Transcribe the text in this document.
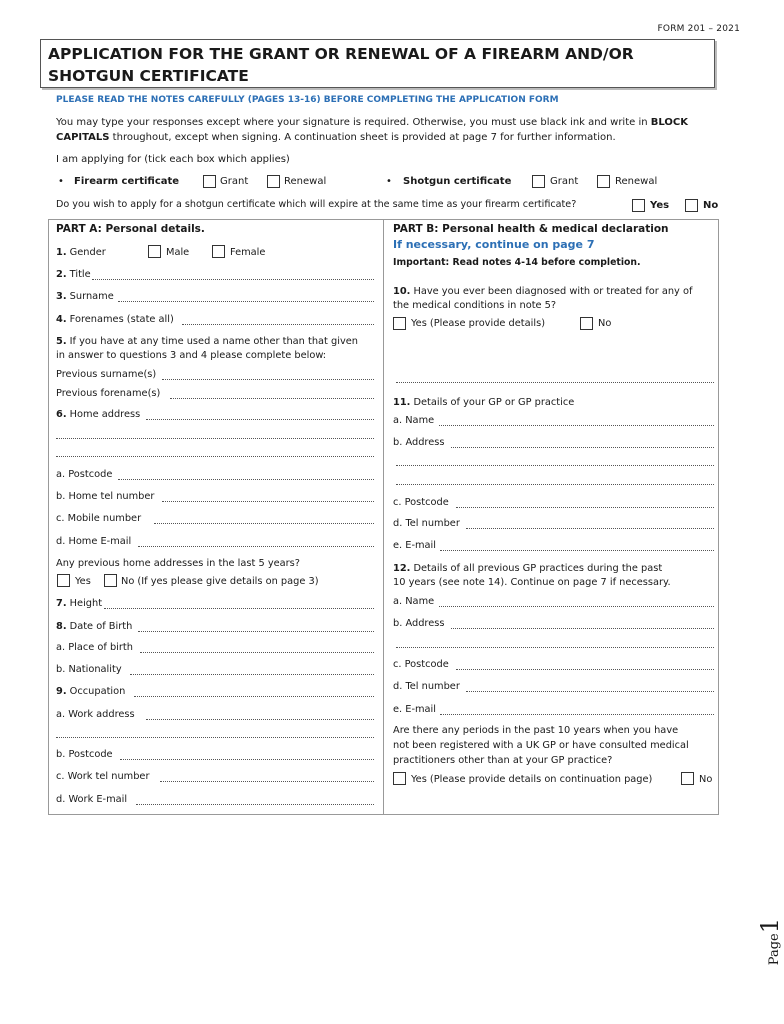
FORM 201 – 2021
APPLICATION FOR THE GRANT OR RENEWAL OF A FIREARM AND/OR
SHOTGUN CERTIFICATE
PLEASE READ THE NOTES CAREFULLY (PAGES 13-16) BEFORE COMPLETING THE APPLICATION FORM
You may type your responses except where your signature is required. Otherwise, you must use black ink and write in BLOCK
CAPITALS throughout, except when signing. A continuation sheet is provided at page 7 for further information.
I am applying for (tick each box which applies)
• Firearm certificate	Grant	Renewal	• Shotgun certificate	Grant	Renewal
Do you wish to apply for a shotgun certificate which will expire at the same time as your firearm certificate?	Yes	No
PART A: Personal details.
1. Gender	Male	Female
2. Title
3. Surname
4. Forenames (state all)
5. If you have at any time used a name other than that given
in answer to questions 3 and 4 please complete below:
Previous surname(s)
Previous forename(s)
6. Home address
a. Postcode
b. Home tel number
c. Mobile number
d. Home E-mail
Any previous home addresses in the last 5 years?
Yes	No (If yes please give details on page 3)
7. Height
8. Date of Birth
a. Place of birth
b. Nationality
9. Occupation
a. Work address
b. Postcode
c. Work tel number
d. Work E-mail
PART B: Personal health & medical declaration
If necessary, continue on page 7
Important: Read notes 4-14 before completion.
10. Have you ever been diagnosed with or treated for any of
the medical conditions in note 5?
Yes (Please provide details)	No
11. Details of your GP or GP practice
a. Name
b. Address
c. Postcode
d. Tel number
e. E-mail
12. Details of all previous GP practices during the past
10 years (see note 14). Continue on page 7 if necessary.
a. Name
b. Address
c. Postcode
d. Tel number
e. E-mail
Are there any periods in the past 10 years when you have
not been registered with a UK GP or have consulted medical
practitioners other than at your GP practice?
Yes (Please provide details on continuation page)	No
Page1
